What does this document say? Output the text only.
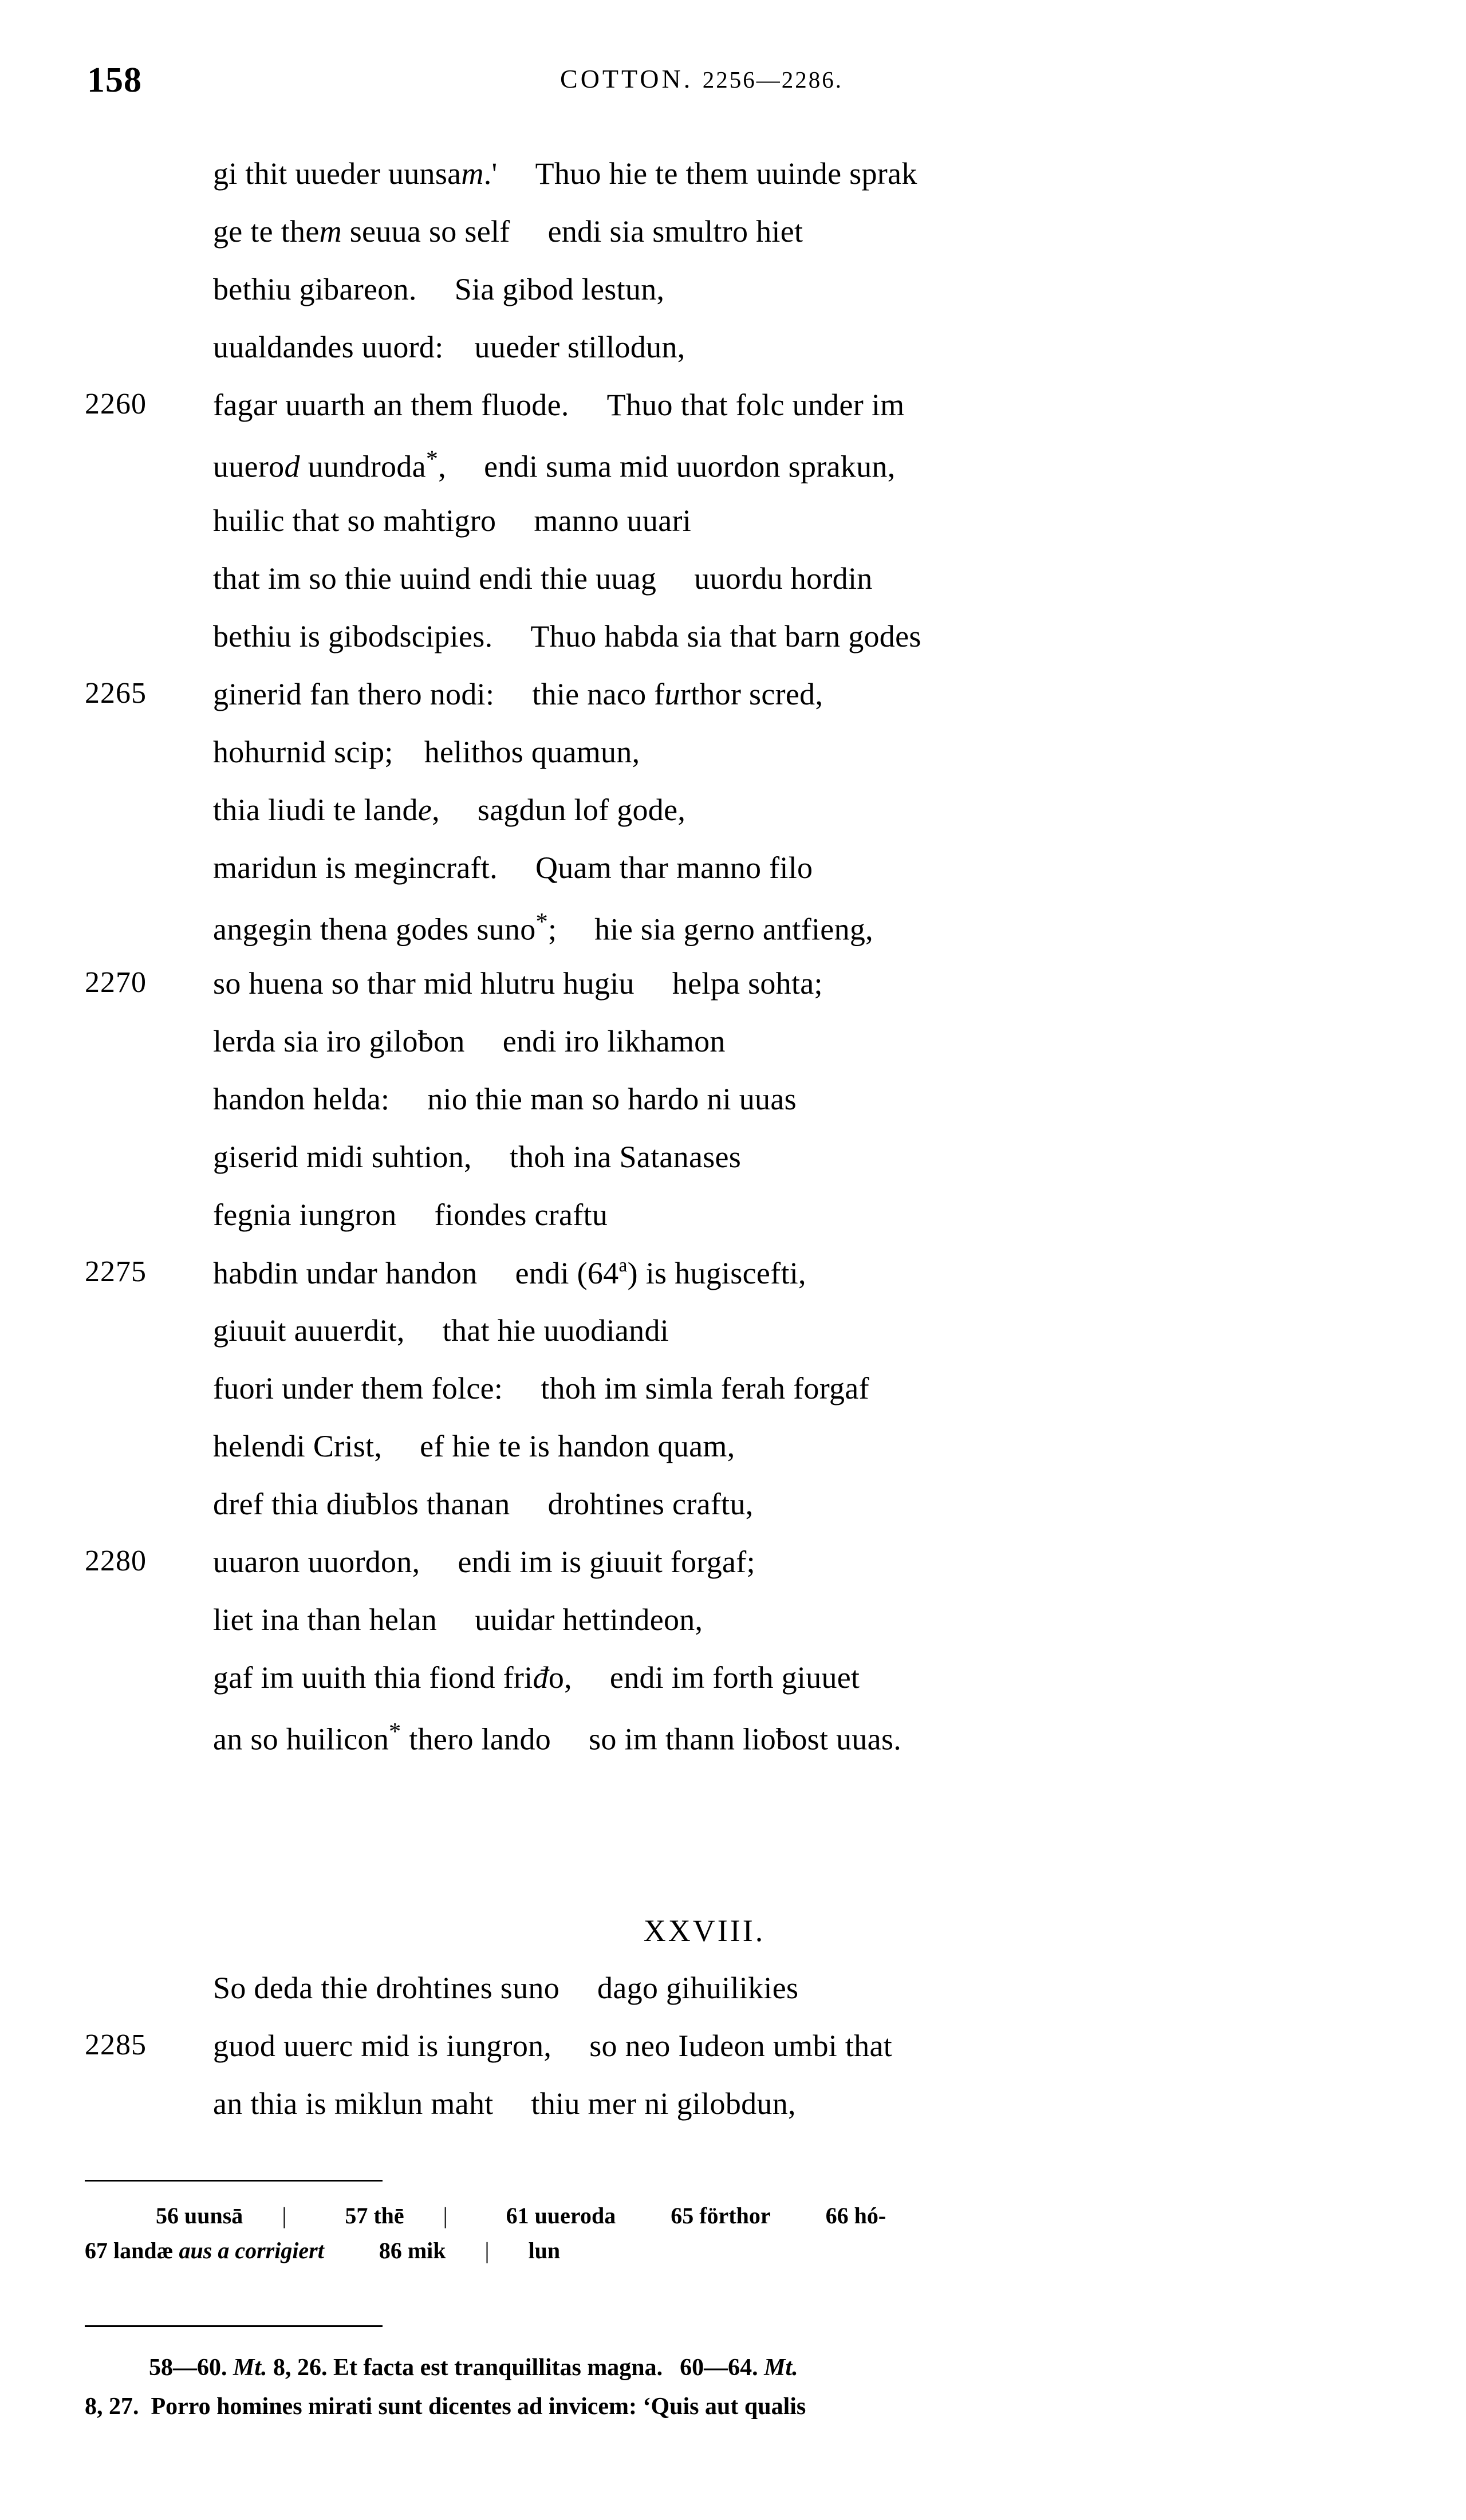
158	COTTON. 2256—2286.
gi thit uueder uunsam.' Thuo hie te them uuinde sprak
ge te them seuua so self endi sia smultro hiet
bethiu gibareon. Sia gibod lestun,
uualdandes uuord: uueder stillodun,
2260	fagar uuarth an them fluode. Thuo that folc under im
uuerod uundroda*, endi suma mid uuordon sprakun,
huilic that so mahtigro manno uuari
that im so thie uuind endi thie uuag uuordu hordin
bethiu is gibodscipies. Thuo habda sia that barn godes
2265	ginerid fan thero nodi: thie naco furthor scred,
hohurnid scip; helithos quamun,
thia liudi te lande, sagdun lof gode,
maridun is megincraft. Quam thar manno filo
angegin thena godes suno*; hie sia gerno antfieng,
2270	so huena so thar mid hlutru hugiu helpa sohta;
lerda sia iro giloƀon endi iro likhamon
handon helda: nio thie man so hardo ni uuas
giserid midi suhtion, thoh ina Satanases
fegnia iungron fiondes craftu
2275	habdin undar handon endi (64$^a$) is hugiscefti,
giuuit auuerdit, that hie uuodiandi
fuori under them folce: thoh im simla ferah forgaf
helendi Crist, ef hie te is handon quam,
dref thia diuƀlos thanan drohtines craftu,
2280	uuaron uuordon, endi im is giuuit forgaf;
liet ina than helan uuidar hettindeon,
gaf im uuith thia fiond friđo, endi im forth giuuet
an so huilicon* thero lando so im thann lioƀost uuas.
XXVIII.
So deda thie drohtines suno dago gihuilikies
2285	guod uuerc mid is iungron, so neo Iudeon umbi that
an thia is miklun maht thiu mer ni gilobdun,
56 uunsā |	57 thē |	61 uueroda 65 förthor 66 hó-
67 landæ aus a corrigiert 86 mik | lun
58—60. Mt. 8, 26. Et facta est tranquillitas magna. 60—64. Mt.
8, 27.  Porro homines mirati sunt dicentes ad invicem: ‘Quis aut qualis
